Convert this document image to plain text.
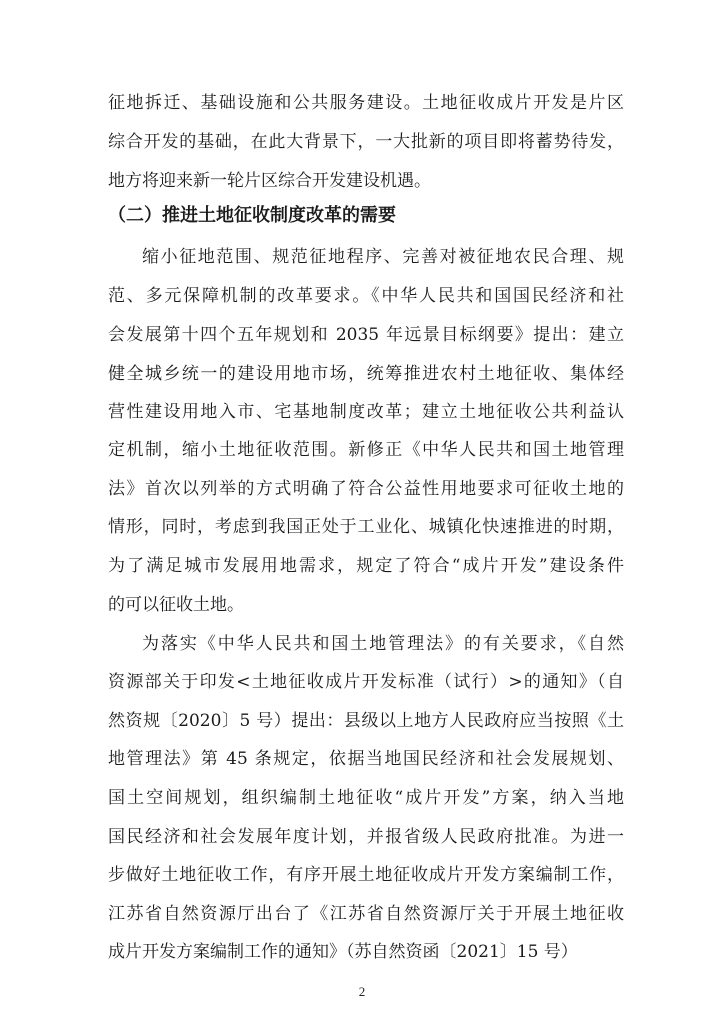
征地拆迁、基础设施和公共服务建设。土地征收成片开发是片区
综合开发的基础，在此大背景下，一大批新的项目即将蓄势待发，
地方将迎来新一轮片区综合开发建设机遇。
（二）推进土地征收制度改革的需要
缩小征地范围、规范征地程序、完善对被征地农民合理、规
范、多元保障机制的改革要求。《中华人民共和国国民经济和社
会发展第十四个五年规划和 2035 年远景目标纲要》提出：建立
健全城乡统一的建设用地市场，统筹推进农村土地征收、集体经
营性建设用地入市、宅基地制度改革；建立土地征收公共利益认
定机制，缩小土地征收范围。新修正《中华人民共和国土地管理
法》首次以列举的方式明确了符合公益性用地要求可征收土地的
情形，同时，考虑到我国正处于工业化、城镇化快速推进的时期，
为了满足城市发展用地需求，规定了符合“成片开发”建设条件
的可以征收土地。
为落实《中华人民共和国土地管理法》的有关要求，《自然
资源部关于印发<土地征收成片开发标准（试行）>的通知》（自
然资规〔2020〕5 号）提出：县级以上地方人民政府应当按照《土
地管理法》第 45 条规定，依据当地国民经济和社会发展规划、
国土空间规划，组织编制土地征收“成片开发”方案，纳入当地
国民经济和社会发展年度计划，并报省级人民政府批准。为进一
步做好土地征收工作，有序开展土地征收成片开发方案编制工作，
江苏省自然资源厅出台了《江苏省自然资源厅关于开展土地征收
成片开发方案编制工作的通知》（苏自然资函〔2021〕15 号）
2
